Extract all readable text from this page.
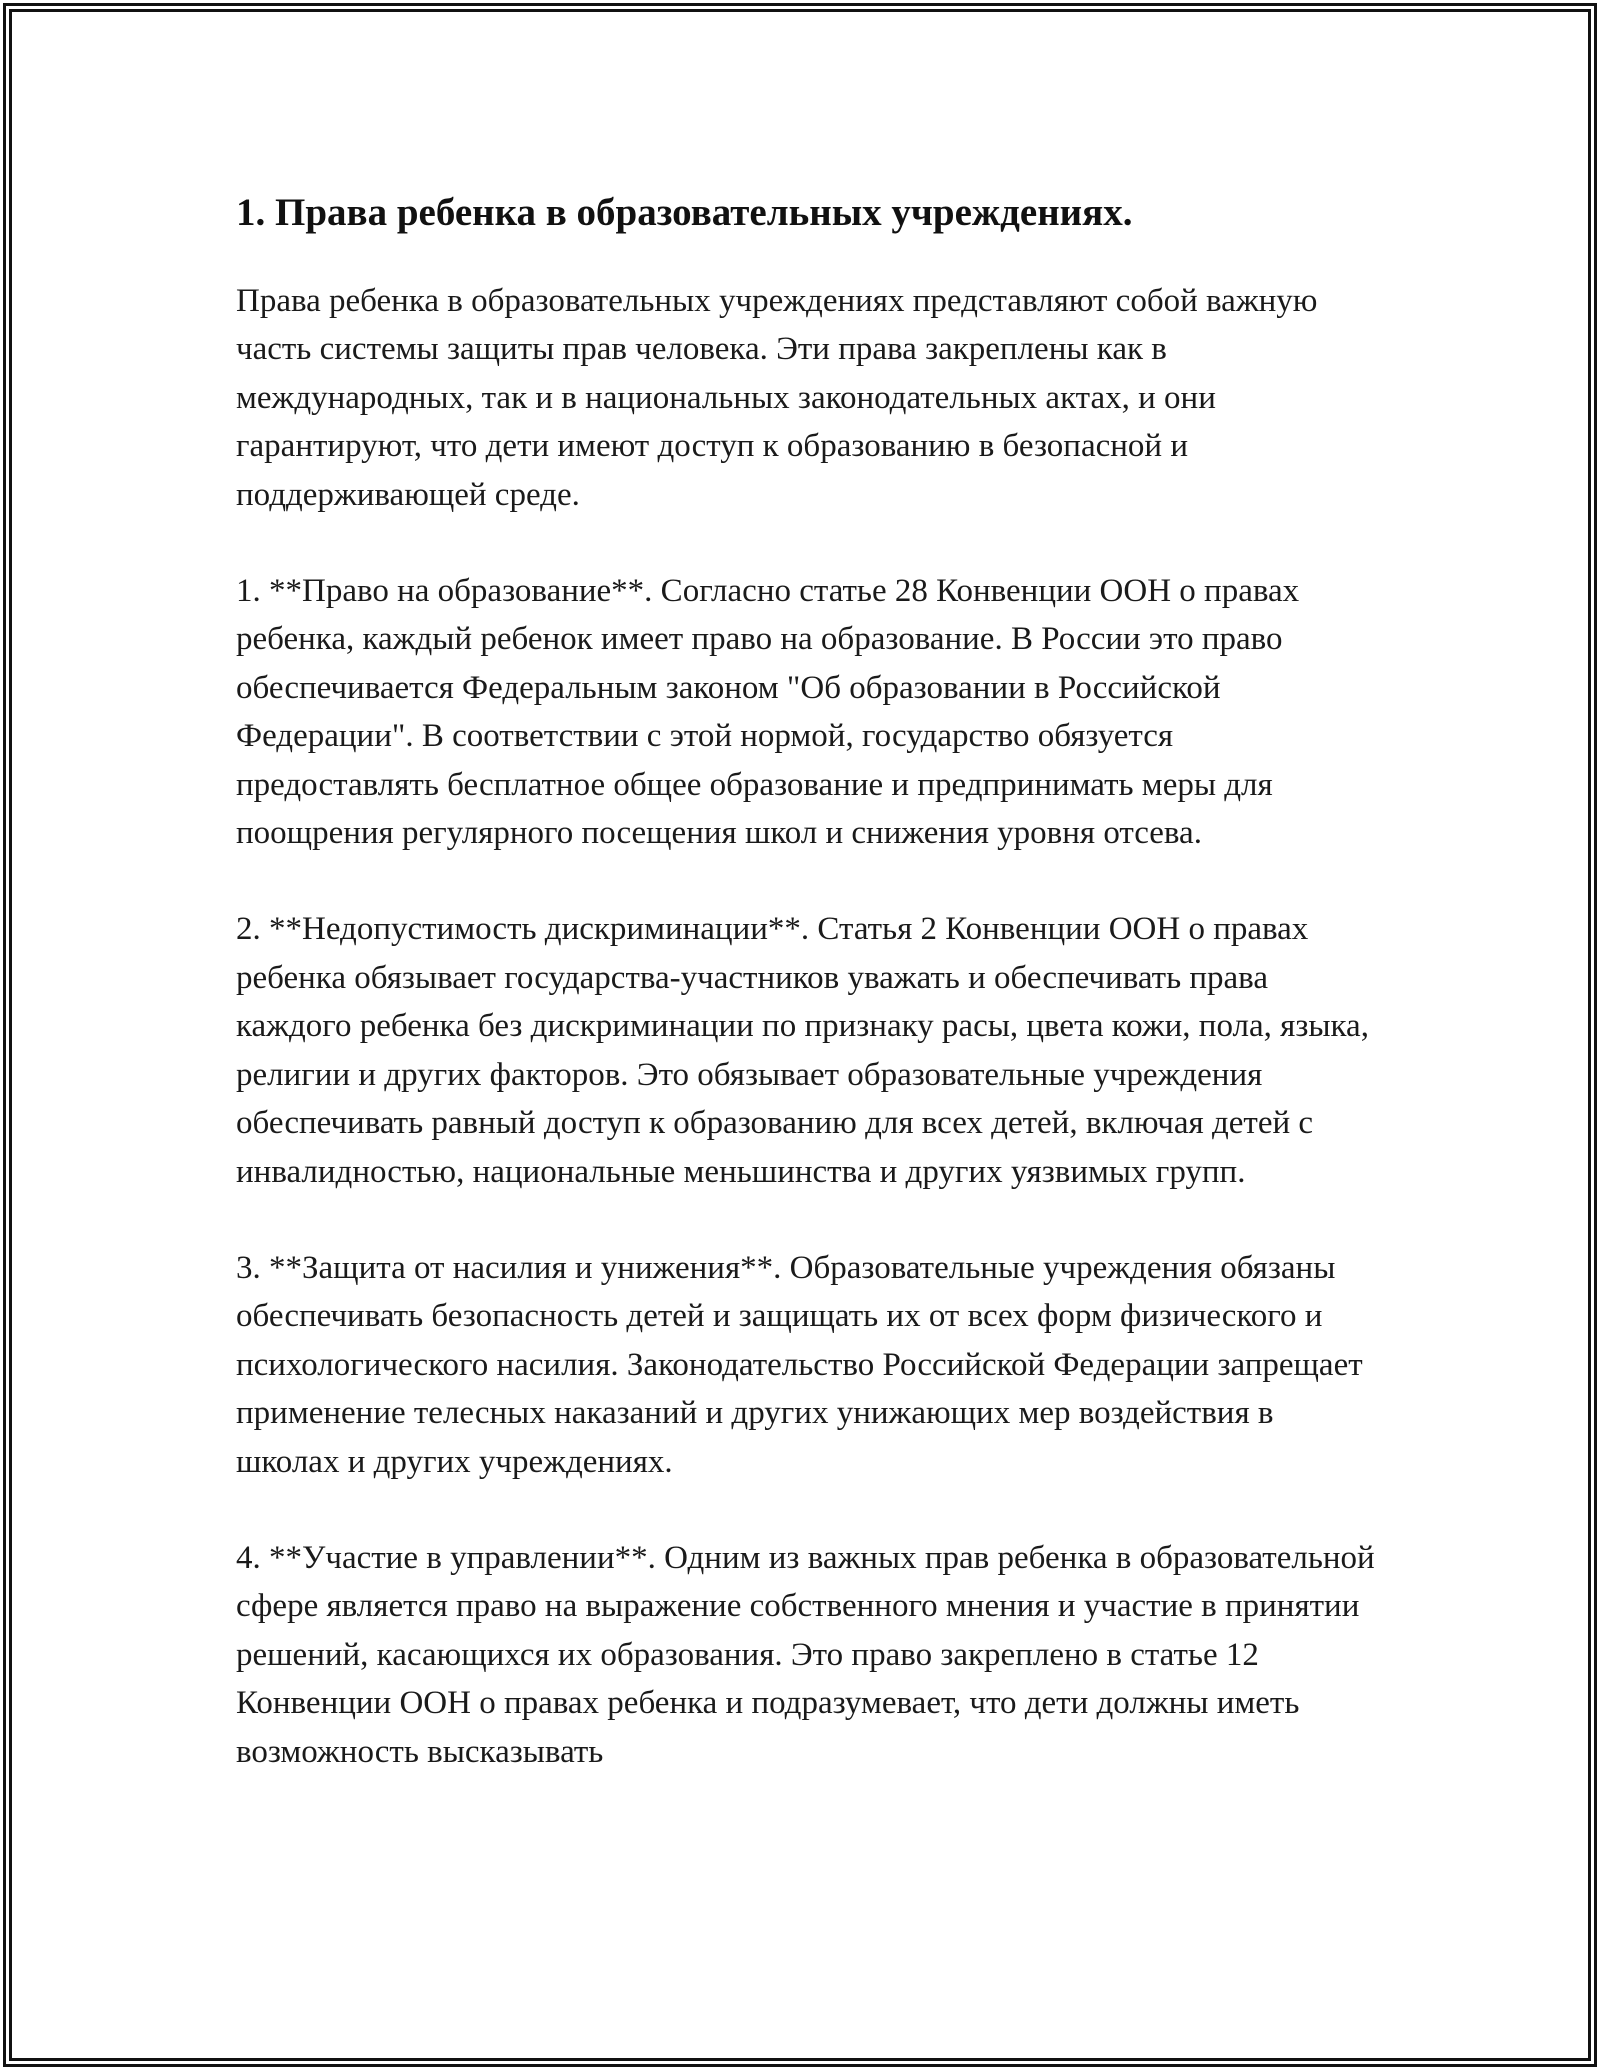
1. Права ребенка в образовательных учреждениях.

Права ребенка в образовательных учреждениях представляют собой важную часть системы защиты прав человека. Эти права закреплены как в международных, так и в национальных законодательных актах, и они гарантируют, что дети имеют доступ к образованию в безопасной и поддерживающей среде.

1. **Право на образование**. Согласно статье 28 Конвенции ООН о правах ребенка, каждый ребенок имеет право на образование. В России это право обеспечивается Федеральным законом "Об образовании в Российской Федерации". В соответствии с этой нормой, государство обязуется предоставлять бесплатное общее образование и предпринимать меры для поощрения регулярного посещения школ и снижения уровня отсева.

2. **Недопустимость дискриминации**. Статья 2 Конвенции ООН о правах ребенка обязывает государства-участников уважать и обеспечивать права каждого ребенка без дискриминации по признаку расы, цвета кожи, пола, языка, религии и других факторов. Это обязывает образовательные учреждения обеспечивать равный доступ к образованию для всех детей, включая детей с инвалидностью, национальные меньшинства и других уязвимых групп.

3. **Защита от насилия и унижения**. Образовательные учреждения обязаны обеспечивать безопасность детей и защищать их от всех форм физического и психологического насилия. Законодательство Российской Федерации запрещает применение телесных наказаний и других унижающих мер воздействия в школах и других учреждениях.

4. **Участие в управлении**. Одним из важных прав ребенка в образовательной сфере является право на выражение собственного мнения и участие в принятии решений, касающихся их образования. Это право закреплено в статье 12 Конвенции ООН о правах ребенка и подразумевает, что дети должны иметь возможность высказывать
